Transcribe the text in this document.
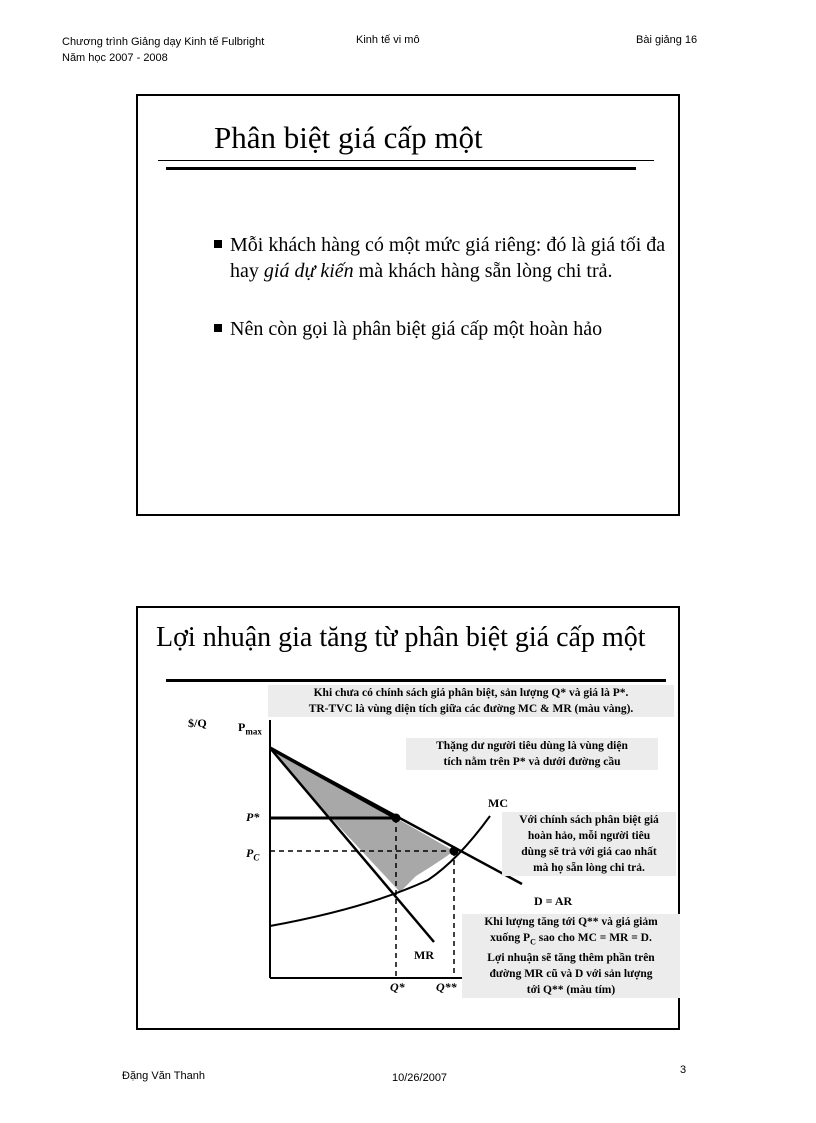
Chương trình Giảng dạy Kinh tế Fulbright
Năm học 2007 - 2008
Kinh tế vi mô	Bài giảng 16
Phân biệt giá cấp một
Mỗi khách hàng có một mức giá riêng: đó là giá tối đa hay giá dự kiến mà khách hàng sẵn lòng chi trả.
Nên còn gọi là phân biệt giá cấp một hoàn hảo
Lợi nhuận gia tăng từ phân biệt giá cấp một
$/Q	$P_{max}$
P*
$P_C$
MC
D = AR
MR
Q*	Q**
Khi chưa có chính sách giá phân biệt, sản lượng Q* và giá là P*.
TR-TVC là vùng diện tích giữa các đường MC & MR (màu vàng).
Thặng dư người tiêu dùng là vùng diện
tích nằm trên P* và dưới đường cầu
Với chính sách phân biệt giá
hoàn hảo, mỗi người tiêu
dùng sẽ trả với giá cao nhất
mà họ sẵn lòng chi trả.
Khi lượng tăng tới Q** và giá giảm
xuống $P_C$ sao cho MC = MR = D.
Lợi nhuận sẽ tăng thêm phần trên
đường MR cũ và D với sản lượng
tới Q** (màu tím)
Đặng Văn Thanh	10/26/2007
3
